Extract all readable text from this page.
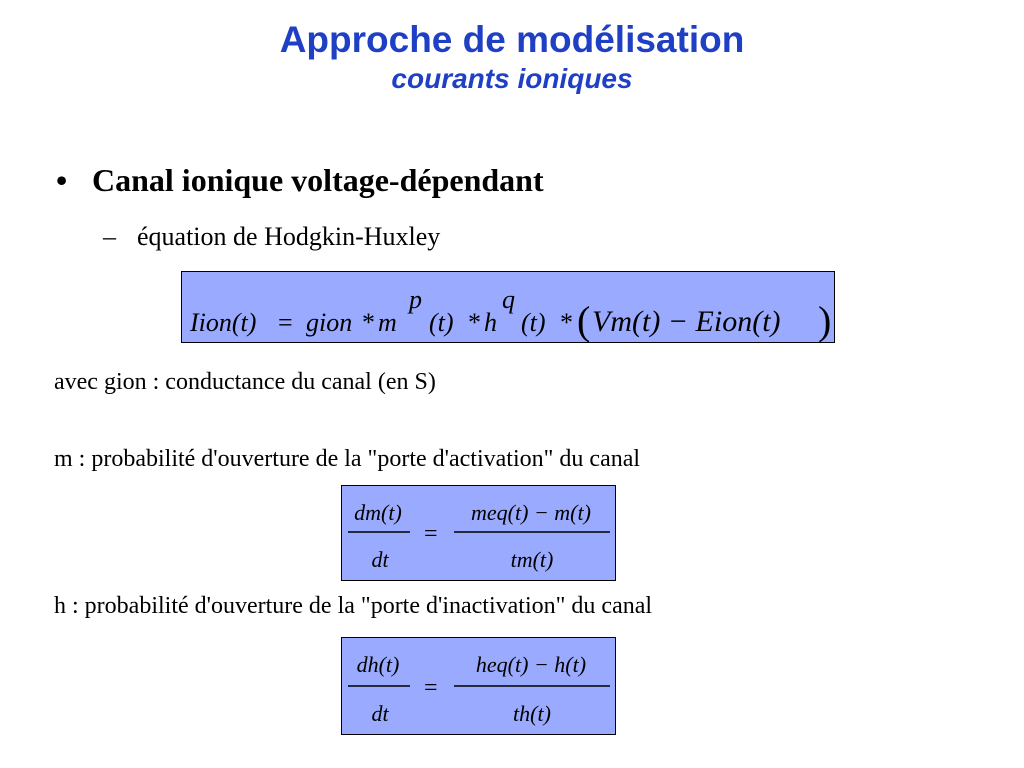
Approche de modélisation
courants ioniques
• Canal ionique voltage-dépendant
– équation de Hodgkin-Huxley
Iion(t) = gion * m
p
(t) * h
q
(t) * ( Vm(t) − Eion(t) )
avec gion : conductance du canal (en S)
m : probabilité d'ouverture de la "porte d'activation" du canal
dm(t)
dt
=
meq(t) − m(t)
tm(t)
h : probabilité d'ouverture de la "porte d'inactivation" du canal
dh(t)
dt
=
heq(t) − h(t)
th(t)
